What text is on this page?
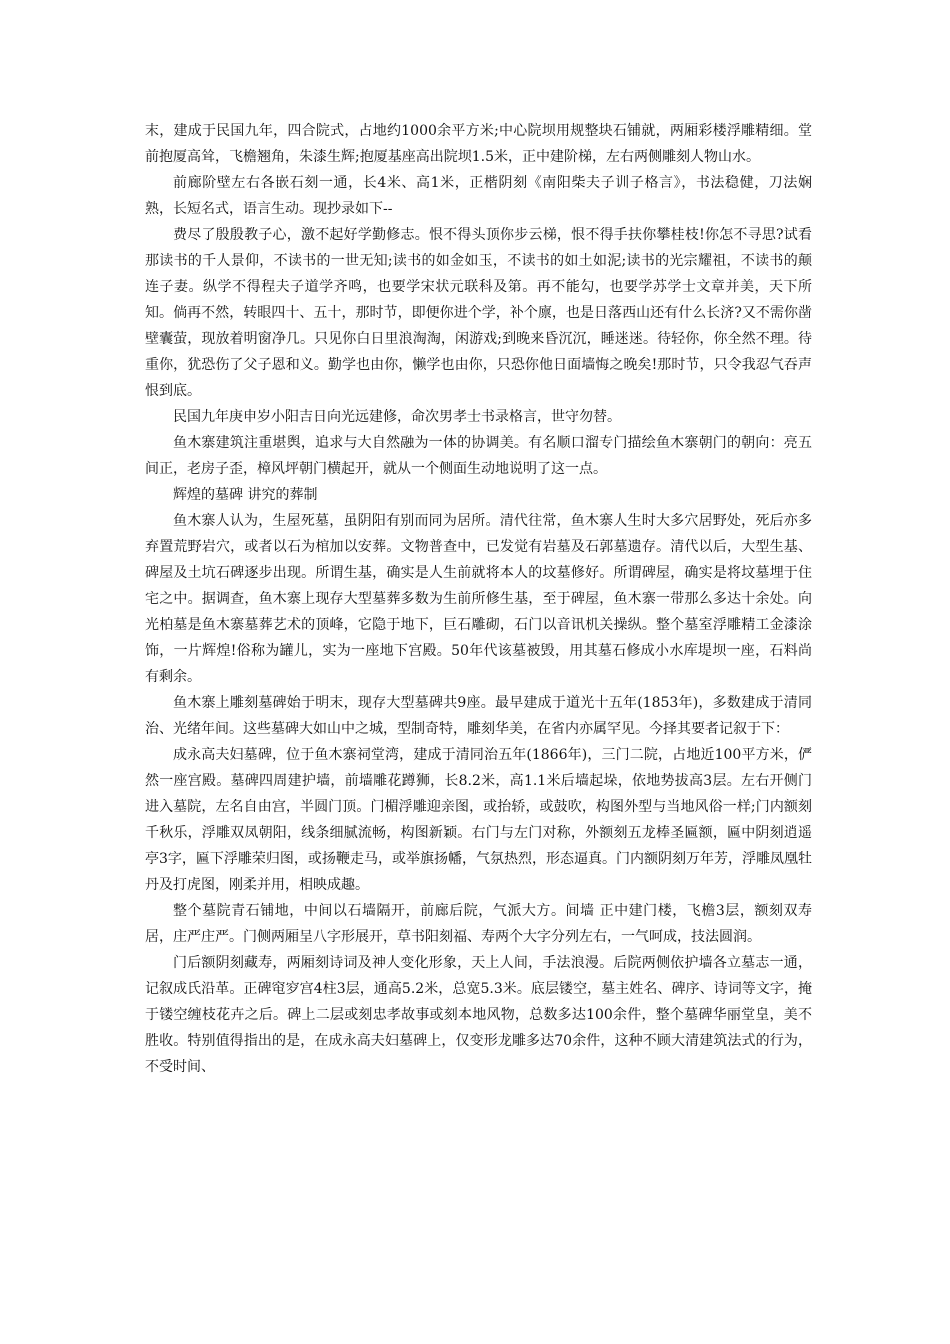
末，建成于民国九年，四合院式，占地约1000余平方米;中心院坝用规整块石铺就，两厢彩楼浮雕精细。堂前抱厦高耸，飞檐翘角，朱漆生辉;抱厦基座高出院坝1.5米，正中建阶梯，左右两侧雕刻人物山水。

前廊阶壁左右各嵌石刻一通，长4米、高1米，正楷阴刻《南阳柴夫子训子格言》，书法稳健，刀法娴熟，长短名式，语言生动。现抄录如下--

费尽了殷殷教子心，激不起好学勤修志。恨不得头顶你步云梯，恨不得手扶你攀桂枝!你怎不寻思?试看那读书的千人景仰，不读书的一世无知;读书的如金如玉，不读书的如土如泥;读书的光宗耀祖，不读书的颠连子妻。纵学不得程夫子道学齐鸣，也要学宋状元联科及第。再不能勾，也要学苏学士文章并美，天下所知。倘再不然，转眼四十、五十，那时节，即便你进个学，补个廪，也是日落西山还有什么长济?又不需你凿壁囊萤，现放着明窗净几。只见你白日里浪淘淘，闲游戏;到晚来昏沉沉，睡迷迷。待轻你，你全然不理。待重你，犹恐伤了父子恩和义。勤学也由你，懒学也由你，只恐你他日面墙悔之晚矣!那时节，只令我忍气吞声恨到底。

民国九年庚申岁小阳吉日向光远建修，命次男孝士书录格言，世守勿替。

鱼木寨建筑注重堪舆，追求与大自然融为一体的协调美。有名顺口溜专门描绘鱼木寨朝门的朝向：亮五间正，老房子歪，樟风坪朝门横起开，就从一个侧面生动地说明了这一点。

辉煌的墓碑 讲究的葬制

鱼木寨人认为，生屋死墓，虽阴阳有别而同为居所。清代往常，鱼木寨人生时大多穴居野处，死后亦多弃置荒野岩穴，或者以石为棺加以安葬。文物普查中，已发觉有岩墓及石郭墓遗存。清代以后，大型生基、碑屋及土坑石碑逐步出现。所谓生基，确实是人生前就将本人的坟墓修好。所谓碑屋，确实是将坟墓埋于住宅之中。据调查，鱼木寨上现存大型墓葬多数为生前所修生基，至于碑屋，鱼木寨一带那么多达十余处。向光柏墓是鱼木寨墓葬艺术的顶峰，它隐于地下，巨石雕砌，石门以音讯机关操纵。整个墓室浮雕精工金漆涂饰，一片辉煌!俗称为罐儿，实为一座地下宫殿。50年代该墓被毁，用其墓石修成小水库堤坝一座，石料尚有剩余。

鱼木寨上雕刻墓碑始于明末，现存大型墓碑共9座。最早建成于道光十五年(1853年)，多数建成于清同治、光绪年间。这些墓碑大如山中之城，型制奇特，雕刻华美，在省内亦属罕见。今择其要者记叙于下：

成永高夫妇墓碑，位于鱼木寨祠堂湾，建成于清同治五年(1866年)，三门二院，占地近100平方米，俨然一座宫殿。墓碑四周建护墙，前墙雕花蹲狮，长8.2米，高1.1米后墙起垛，依地势拔高3层。左右开侧门进入墓院，左名自由宫，半圆门顶。门楣浮雕迎亲图，或抬轿，或鼓吹，构图外型与当地风俗一样;门内额刻千秋乐，浮雕双凤朝阳，线条细腻流畅，构图新颖。右门与左门对称，外额刻五龙棒圣匾额，匾中阴刻逍遥亭3字，匾下浮雕荣归图，或扬鞭走马，或举旗扬幡，气氛热烈，形态逼真。门内额阴刻万年芳，浮雕凤凰牡丹及打虎图，刚柔并用，相映成趣。

整个墓院青石铺地，中间以石墙隔开，前廊后院，气派大方。间墙 正中建门楼，飞檐3层，额刻双寿居，庄严庄严。门侧两厢呈八字形展开，草书阳刻福、寿两个大字分列左右，一气呵成，技法圆润。

门后额阴刻藏寿，两厢刻诗词及神人变化形象，天上人间，手法浪漫。后院两侧依护墙各立墓志一通，记叙成氏沿革。正碑窀穸宫4柱3层，通高5.2米，总宽5.3米。底层镂空，墓主姓名、碑序、诗词等文字，掩于镂空缠枝花卉之后。碑上二层或刻忠孝故事或刻本地风物，总数多达100余件，整个墓碑华丽堂皇，美不胜收。特别值得指出的是，在成永高夫妇墓碑上，仅变形龙雕多达70余件，这种不顾大清建筑法式的行为，不受时间、
